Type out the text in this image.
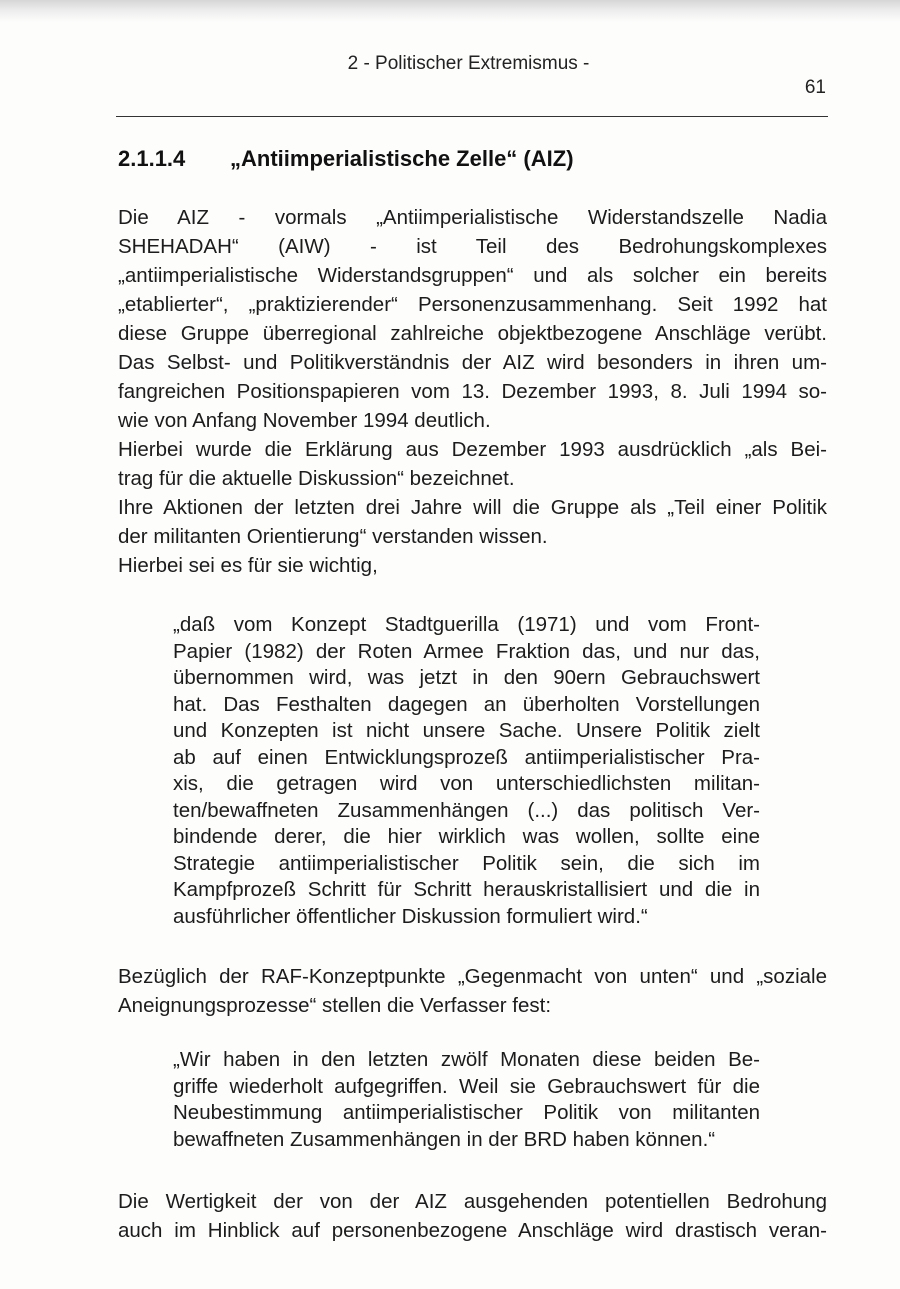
2 - Politischer Extremismus -
61
2.1.1.4 „Antiimperialistische Zelle“ (AIZ)
Die AIZ - vormals „Antiimperialistische Widerstandszelle Nadia
SHEHADAH“ (AIW) - ist Teil des Bedrohungskomplexes
„antiimperialistische Widerstandsgruppen“ und als solcher ein bereits
„etablierter“, „praktizierender“ Personenzusammenhang. Seit 1992 hat
diese Gruppe überregional zahlreiche objektbezogene Anschläge verübt.
Das Selbst- und Politikverständnis der AIZ wird besonders in ihren um-
fangreichen Positionspapieren vom 13. Dezember 1993, 8. Juli 1994 so-
wie von Anfang November 1994 deutlich.
Hierbei wurde die Erklärung aus Dezember 1993 ausdrücklich „als Bei-
trag für die aktuelle Diskussion“ bezeichnet.
Ihre Aktionen der letzten drei Jahre will die Gruppe als „Teil einer Politik
der militanten Orientierung“ verstanden wissen.
Hierbei sei es für sie wichtig,
„daß vom Konzept Stadtguerilla (1971) und vom Front-
Papier (1982) der Roten Armee Fraktion das, und nur das,
übernommen wird, was jetzt in den 90ern Gebrauchswert
hat. Das Festhalten dagegen an überholten Vorstellungen
und Konzepten ist nicht unsere Sache. Unsere Politik zielt
ab auf einen Entwicklungsprozeß antiimperialistischer Pra-
xis, die getragen wird von unterschiedlichsten militan-
ten/bewaffneten Zusammenhängen (...) das politisch Ver-
bindende derer, die hier wirklich was wollen, sollte eine
Strategie antiimperialistischer Politik sein, die sich im
Kampfprozeß Schritt für Schritt herauskristallisiert und die in
ausführlicher öffentlicher Diskussion formuliert wird.“
Bezüglich der RAF-Konzeptpunkte „Gegenmacht von unten“ und „soziale
Aneignungsprozesse“ stellen die Verfasser fest:
„Wir haben in den letzten zwölf Monaten diese beiden Be-
griffe wiederholt aufgegriffen. Weil sie Gebrauchswert für die
Neubestimmung antiimperialistischer Politik von militanten
bewaffneten Zusammenhängen in der BRD haben können.“
Die Wertigkeit der von der AIZ ausgehenden potentiellen Bedrohung
auch im Hinblick auf personenbezogene Anschläge wird drastisch veran-
